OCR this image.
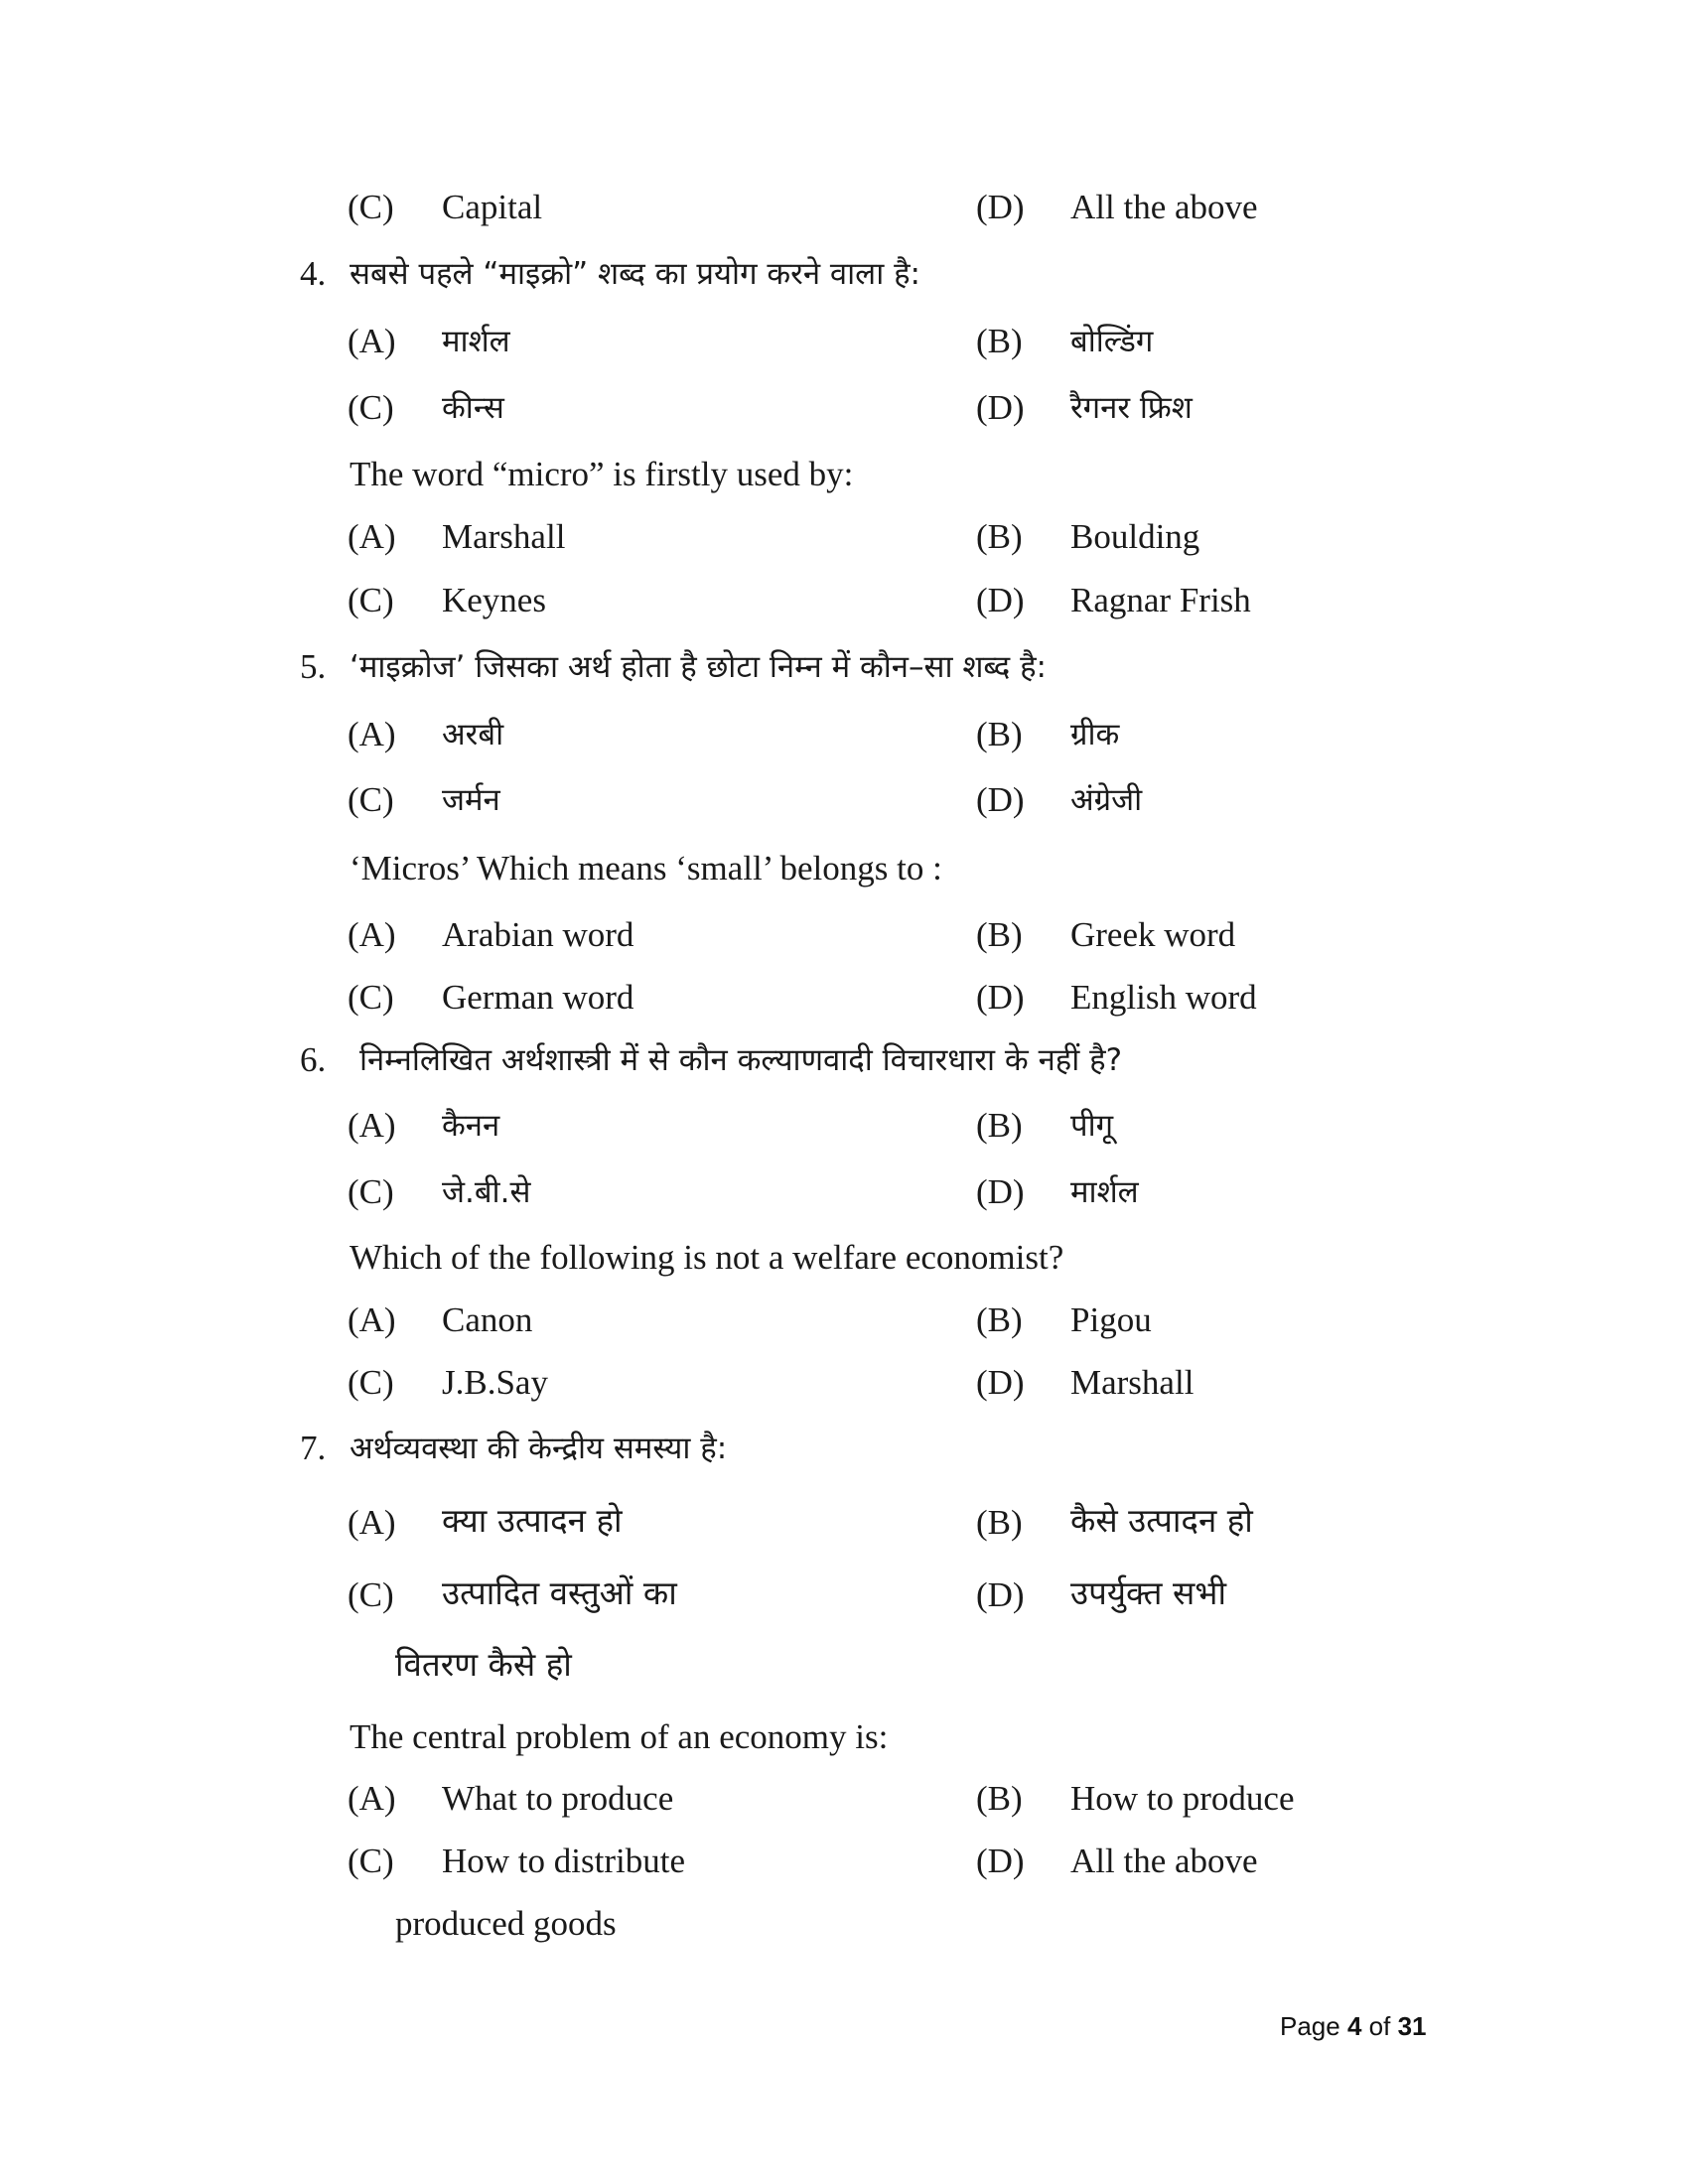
(C) Capital	(D) All the above
4. सबसे पहले “माइक्रो” शब्द का प्रयोग करने वाला है:
(A) मार्शल	(B) बोल्डिंग
(C) कीन्स	(D) रैगनर फ्रिश
The word “micro” is firstly used by:
(A) Marshall	(B) Boulding
(C) Keynes	(D) Ragnar Frish
5. ‘माइक्रोज’ जिसका अर्थ होता है छोटा निम्न में कौन–सा शब्द है:
(A) अरबी	(B) ग्रीक
(C) जर्मन	(D) अंग्रेजी
‘Micros’ Which means ‘small’ belongs to :
(A) Arabian word	(B) Greek word
(C) German word	(D) English word
6. निम्नलिखित अर्थशास्त्री में से कौन कल्याणवादी विचारधारा के नहीं है?
(A) कैनन	(B) पीगू
(C) जे.बी.से	(D) मार्शल
Which of the following is not a welfare economist?
(A) Canon	(B) Pigou
(C) J.B.Say	(D) Marshall
7. अर्थव्यवस्था की केन्द्रीय समस्या है:
(A) क्या उत्पादन हो	(B) कैसे उत्पादन हो
(C) उत्पादित वस्तुओं का	(D) उपर्युक्त सभी
वितरण कैसे हो
The central problem of an economy is:
(A) What to produce	(B) How to produce
(C) How to distribute	(D) All the above
produced goods
Page 4 of 31
